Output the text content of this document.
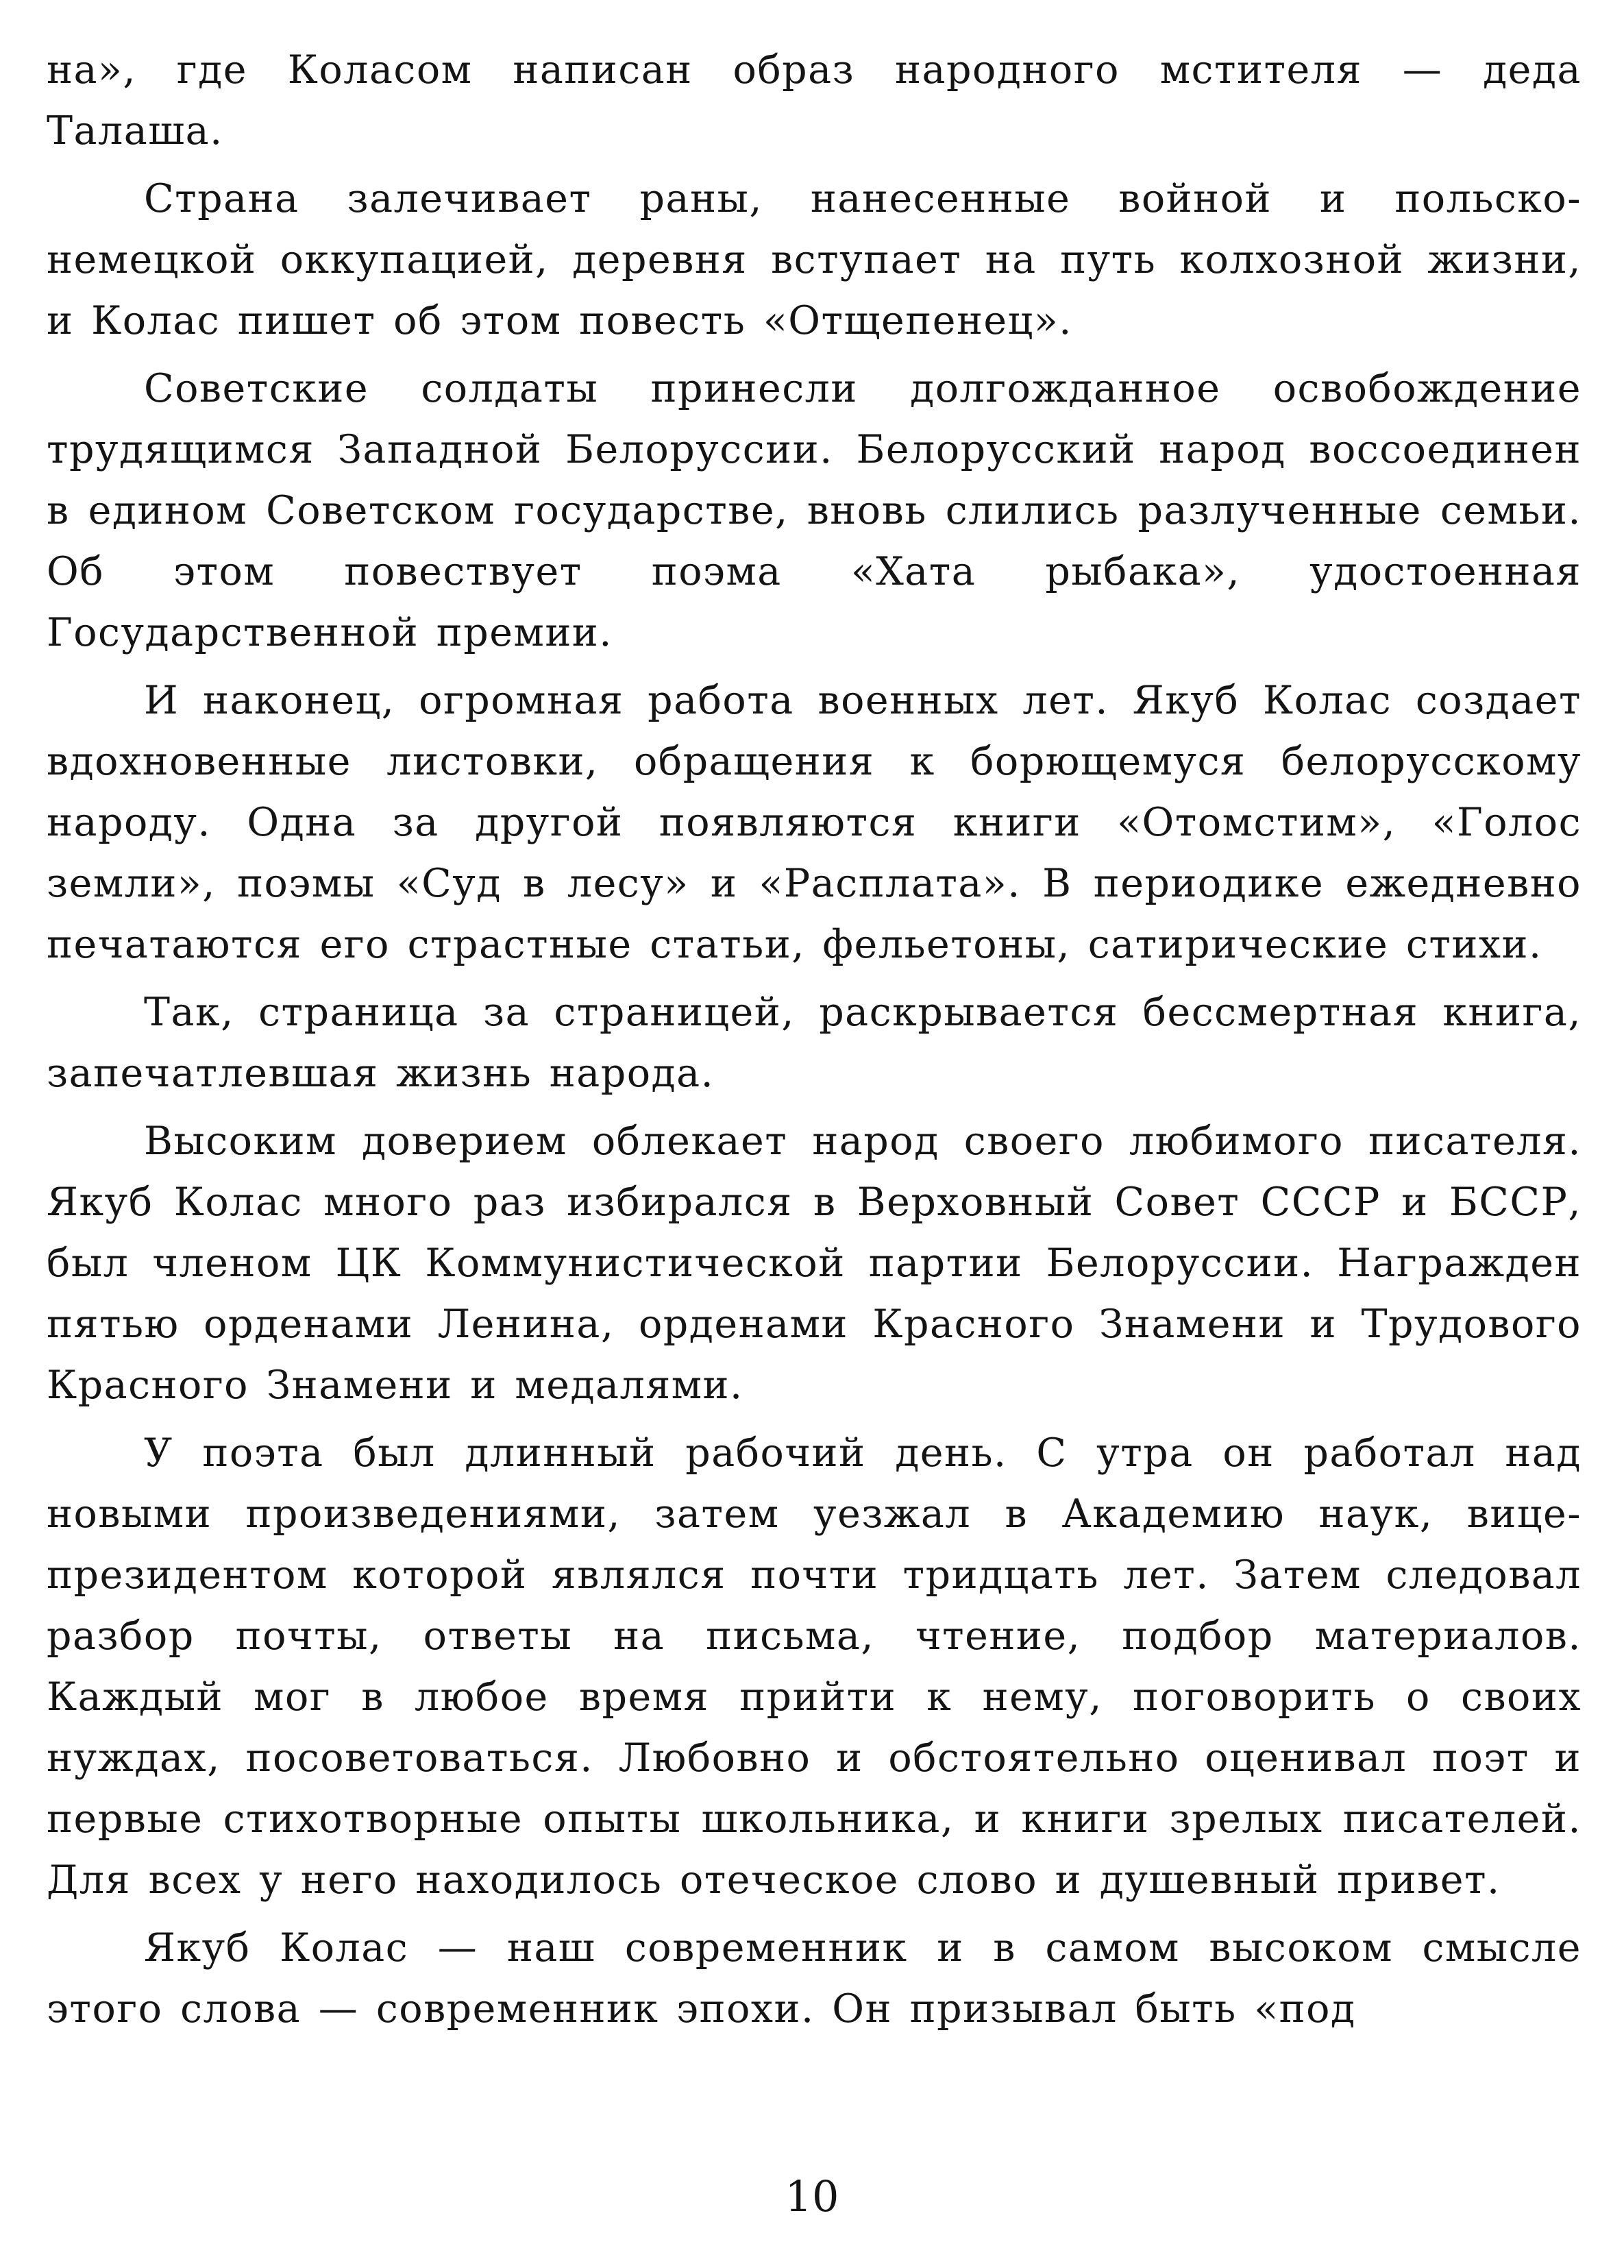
на», где Коласом написан образ народного мстителя — деда Талаша.

Страна залечивает раны, нанесенные войной и польско-немецкой оккупацией, деревня вступает на путь колхозной жизни, и Колас пишет об этом повесть «Отщепенец».

Советские солдаты принесли долгожданное освобождение трудящимся Западной Белоруссии. Белорусский народ воссоединен в едином Советском государстве, вновь слились разлученные семьи. Об этом повествует поэма «Хата рыбака», удостоенная Государственной премии.

И наконец, огромная работа военных лет. Якуб Колас создает вдохновенные листовки, обращения к борющемуся белорусскому народу. Одна за другой появляются книги «Отомстим», «Голос земли», поэмы «Суд в лесу» и «Расплата». В периодике ежедневно печатаются его страстные статьи, фельетоны, сатирические стихи.

Так, страница за страницей, раскрывается бессмертная книга, запечатлевшая жизнь народа.

Высоким доверием облекает народ своего любимого писателя. Якуб Колас много раз избирался в Верховный Совет СССР и БССР, был членом ЦК Коммунистической партии Белоруссии. Награжден пятью орденами Ленина, орденами Красного Знамени и Трудового Красного Знамени и медалями.

У поэта был длинный рабочий день. С утра он работал над новыми произведениями, затем уезжал в Академию наук, вице-президентом которой являлся почти тридцать лет. Затем следовал разбор почты, ответы на письма, чтение, подбор материалов. Каждый мог в любое время прийти к нему, поговорить о своих нуждах, посоветоваться. Любовно и обстоятельно оценивал поэт и первые стихотворные опыты школьника, и книги зрелых писателей. Для всех у него находилось отеческое слово и душевный привет.

Якуб Колас — наш современник и в самом высоком смысле этого слова — современник эпохи. Он призывал быть «под

10
